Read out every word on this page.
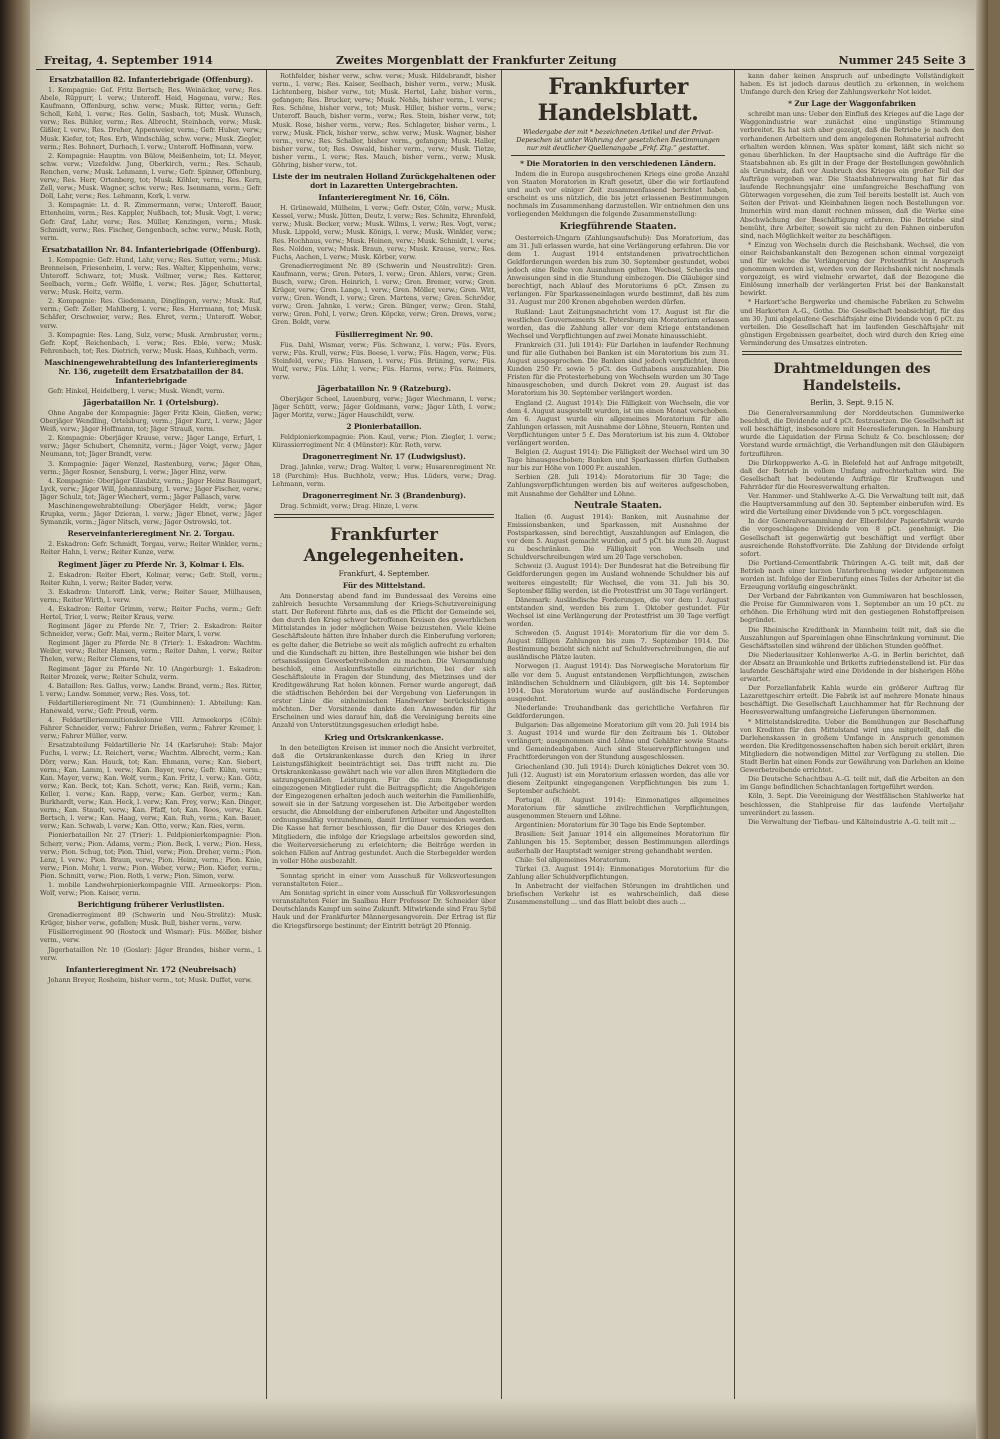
Freitag, 4. September 1914	Zweites Morgenblatt der Frankfurter Zeitung	Nummer 245 Seite 3
Ersatzbataillon 82. Infanteriebrigade (Offenburg).

1. Kompagnie: Gef. Fritz Bertsch; Res. Weinäcker, verw.; Res. Abele, Rüppurr, l. verw.; Unteroff. Heid, Hagenau, verw.; Res. Kaufmann, Offenburg, schw. verw.; Musk. Ritter, verm.; Gefr. Scholl, Kehl, l. verw.; Res. Gelin, Sasbach, tot; Musk. Wunsch, verw.; Res. Bühler, verm.; Res. Albrecht, Steinbach, verw.; Musk. Gißler, l. verw.; Res. Dreher, Appenweier, verm.; Gefr. Huber, verw.; Musk. Kiefer, tot; Res. Erb, Windschläg, schw. verw.; Musk. Ziegler, verm.; Res. Bohnert, Durbach, l. verw.; Unteroff. Hoffmann, verw.

2. Kompagnie: Hauptm. von Bülow, Meißenheim, tot; Lt. Meyer, schw. verw.; Vizefeldw. Jung, Oberkirch, verm.; Res. Schaub, Renchen, verw.; Musk. Lehmann, l. verw.; Gefr. Spinner, Offenburg, verw.; Res. Herr, Ortenberg, tot; Musk. Köhler, verm.; Res. Kern, Zell, verw.; Musk. Wagner, schw. verw.; Res. Isenmann, verm.; Gefr. Doll, Lahr, verw.; Res. Lehmann, Kork, l. verw.

3. Kompagnie: Lt. d. R. Zimmermann, verw.; Unteroff. Bauer, Ettenheim, verm.; Res. Kappler, Nußbach, tot; Musk. Vogt, l. verw.; Gefr. Graf, Lahr, verw.; Res. Müller, Kenzingen, verm.; Musk. Schmidt, verw.; Res. Fischer, Gengenbach, schw. verw.; Musk. Roth, verm.

Ersatzbataillon Nr. 84. Infanteriebrigade (Offenburg).

1. Kompagnie: Gefr. Hund, Lahr, verw.; Res. Sutter, verm.; Musk. Brenneisen, Friesenheim, l. verw.; Res. Walter, Kippenheim, verw.; Unteroff. Schwarz, tot; Musk. Vollmer, verw.; Res. Ketterer, Seelbach, verm.; Gefr. Wölfle, l. verw.; Res. Jäger, Schuttertal, verw.; Musk. Heitz, verm.

2. Kompagnie: Res. Giedemann, Dinglingen, verw.; Musk. Ruf, verm.; Gefr. Zeller, Mahlberg, l. verw.; Res. Herrmann, tot; Musk. Schäfer, Orschweier, verw.; Res. Ehret, verm.; Unteroff. Weber, verw.

3. Kompagnie: Res. Lang, Sulz, verw.; Musk. Armbruster, verm.; Gefr. Kopf, Reichenbach, l. verw.; Res. Eble, verw.; Musk. Fehrenbach, tot; Res. Dietrich, verw.; Musk. Haas, Kuhbach, verm.

Maschinengewehrabteilung des Infanterieregiments Nr. 136, zugeteilt dem Ersatzbataillon der 84. Infanteriebrigade

Gefr. Hinkel, Heidelberg, l. verw.; Musk. Wendt, verm.

Jägerbataillon Nr. 1 (Ortelsburg).

Ohne Angabe der Kompagnie: Jäger Fritz Klein, Gießen, verw.; Oberjäger Wendling, Ortelsburg, verm.; Jäger Kurz, l. verw.; Jäger Weiß, verw.; Jäger Hoffmann, tot; Jäger Strauß, verm.

2. Kompagnie: Oberjäger Krause, verw.; Jäger Lange, Erfurt, l. verw.; Jäger Schubert, Chemnitz, verm.; Jäger Voigt, verw.; Jäger Neumann, tot; Jäger Brandt, verw.

3. Kompagnie: Jäger Wenzel, Rastenburg, verw.; Jäger Ohm, verm.; Jäger Rosner, Sensburg, l. verw.; Jäger Hinz, verw.

4. Kompagnie: Oberjäger Glaubitz, verm.; Jäger Heinz Baumgart, Lyck, verw.; Jäger Will, Johannisburg, l. verw.; Jäger Fischer, verw.; Jäger Schulz, tot; Jäger Wiechert, verm.; Jäger Pallasch, verw.

Maschinengewehrabteilung: Oberjäger Heldt, verw.; Jäger Krupka, verm.; Jäger Dzieran, l. verw.; Jäger Ebnet, verw.; Jäger Symanzik, verm.; Jäger Nitsch, verw.; Jäger Ostrowski, tot.

Reserveinfanterieregiment Nr. 2. Torgau.

2. Eskadron: Gefr. Schmidt, Torgau, verw.; Reiter Winkler, verm.; Reiter Hahn, l. verw.; Reiter Kunze, verw.

Regiment Jäger zu Pferde Nr. 3, Kolmar i. Els.

2. Eskadron: Reiter Ebert, Kolmar, verw.; Gefr. Stoll, verm.; Reiter Kuhn, l. verw.; Reiter Bader, verw.

3. Eskadron: Unteroff. Link, verw.; Reiter Sauer, Mülhausen, verm.; Reiter Wirth, l. verw.

4. Eskadron: Reiter Grimm, verw.; Reiter Fuchs, verm.; Gefr. Hertel, Trier, l. verw.; Reiter Kraus, verw.

Regiment Jäger zu Pferde Nr. 7, Trier: 2. Eskadron: Reiter Schneider, verw.; Gefr. Mai, verm.; Reiter Marx, l. verw.

Regiment Jäger zu Pferde Nr. 8 (Trier): 1. Eskadron: Wachtm. Weiler, verw.; Reiter Hansen, verm.; Reiter Dahm, l. verw.; Reiter Thelen, verw.; Reiter Clemens, tot.

Regiment Jäger zu Pferde Nr. 10 (Angerburg): 1. Eskadron: Reiter Mrozek, verw.; Reiter Schulz, verm.

4. Bataillon: Res. Gallus, verw.; Landw. Brand, verm.; Res. Ritter, l. verw.; Landw. Sommer, verw.; Res. Voss, tot.

Feldartillerieregiment Nr. 71 (Gumbinnen): 1. Abteilung: Kan. Hanewald, verw.; Gefr. Preuß, verm.

4. Feldartilleriemunitionskolonne VIII. Armeekorps (Cöln): Fahrer Schneider, verw.; Fahrer Drießen, verm.; Fahrer Kremer, l. verw.; Fahrer Müller, verw.

Ersatzabteilung Feldartillerie Nr. 14 (Karlsruhe): Stab: Major Fuchs, l. verw.; Lt. Reichert, verw.; Wachtm. Albrecht, verm.; Kan. Dörr, verw.; Kan. Hauck, tot; Kan. Ehmann, verw.; Kan. Siebert, verm.; Kan. Lamm, l. verw.; Kan. Bayer, verw.; Gefr. Kühn, verm.; Kan. Mayer, verw.; Kan. Wolf, verm.; Kan. Fritz, l. verw.; Kan. Götz, verw.; Kan. Beck, tot; Kan. Schott, verw.; Kan. Reiß, verm.; Kan. Keller, l. verw.; Kan. Rapp, verw.; Kan. Gerber, verm.; Kan. Burkhardt, verw.; Kan. Heck, l. verw.; Kan. Frey, verw.; Kan. Dinger, verm.; Kan. Staudt, verw.; Kan. Pfaff, tot; Kan. Roos, verw.; Kan. Bertsch, l. verw.; Kan. Haag, verw.; Kan. Ruh, verm.; Kan. Bauer, verw.; Kan. Schwab, l. verw.; Kan. Otto, verw.; Kan. Ries, verm.

Pionierbataillon Nr. 27 (Trier): 1. Feldpionierkompagnie: Pion. Scherr, verw.; Pion. Adams, verm.; Pion. Beck, l. verw.; Pion. Hess, verw.; Pion. Schug, tot; Pion. Thiel, verw.; Pion. Dreher, verm.; Pion. Lenz, l. verw.; Pion. Braun, verw.; Pion. Heinz, verm.; Pion. Knie, verw.; Pion. Mohr, l. verw.; Pion. Weber, verw.; Pion. Kiefer, verm.; Pion. Schmitt, verw.; Pion. Roth, l. verw.; Pion. Simon, verw.

1. mobile Landwehrpionierkompagnie VIII. Armeekorps: Pion. Wolf, verw.; Pion. Kaiser, verm.

Berichtigung früherer Verlustlisten.

Grenadierregiment 89 (Schwerin und Neu-Strelitz): Musk. Krüger, bisher verw., gefallen; Musk. Bull, bisher verm., verw.

Füsilierregiment 90 (Rostock und Wismar): Füs. Möller, bisher verm., verw.

Jägerbataillon Nr. 10 (Goslar): Jäger Brandes, bisher verm., l. verw.

Infanterieregiment Nr. 172 (Neubreisach)

Johann Breyer, Rosheim, bisher verm., tot; Musk. Duffet, verw.

Rothfelder, bisher verw., schw. verw.; Musk. Hildebrandt, bisher verm., l. verw.; Res. Kaiser, Seelbach, bisher verm., verw.; Musk. Lichtenberg, bisher verw., tot; Musk. Hertel, Lahr, bisher verm., gefangen; Res. Brucker, verw.; Musk. Nehls, bisher verm., l. verw.; Res. Schöne, bisher verw., tot; Musk. Hiller, bisher verm., verw.; Unteroff. Bauch, bisher verm., verw.; Res. Stein, bisher verw., tot; Musk. Rose, bisher verm., verw.; Res. Schlageter, bisher verm., l. verw.; Musk. Flick, bisher verw., schw. verw.; Musk. Wagner, bisher verm., verw.; Res. Schaller, bisher verm., gefangen; Musk. Haller, bisher verw., tot; Res. Oswald, bisher verm., verw.; Musk. Tietze, bisher verm., l. verw.; Res. Mauch, bisher verm., verw.; Musk. Göhring, bisher verw., tot.

Liste der im neutralen Holland Zurückgehaltenen oder dort in Lazaretten Untergebrachten.
Infanterieregiment Nr. 16, Cöln.

H. Grünewald, Mülheim, l. verw.; Gefr. Oster, Cöln, verw.; Musk. Kessel, verw.; Musk. Jütten, Deutz, l. verw.; Res. Schmitz, Ehrenfeld, verw.; Musk. Becker, verw.; Musk. Wilms, l. verw.; Res. Vogt, verw.; Musk. Lippold, verw.; Musk. Königs, l. verw.; Musk. Winkler, verw.; Res. Hochhaus, verw.; Musk. Heinen, verw.; Musk. Schmidt, l. verw.; Res. Nolden, verw.; Musk. Braun, verw.; Musk. Krause, verw.; Res. Fuchs, Aachen, l. verw.; Musk. Körber, verw.

Grenadierregiment Nr. 89 (Schwerin und Neustrelitz): Gren. Kaufmann, verw.; Gren. Peters, l. verw.; Gren. Ahlers, verw.; Gren. Busch, verw.; Gren. Heinrich, l. verw.; Gren. Bremer, verw.; Gren. Krüger, verw.; Gren. Lange, l. verw.; Gren. Möller, verw.; Gren. Witt, verw.; Gren. Wendt, l. verw.; Gren. Martens, verw.; Gren. Schröder, verw.; Gren. Jahnke, l. verw.; Gren. Bünger, verw.; Gren. Stahl, verw.; Gren. Pohl, l. verw.; Gren. Köpcke, verw.; Gren. Drews, verw.; Gren. Boldt, verw.

Füsilierregiment Nr. 90.

Füs. Dahl, Wismar, verw.; Füs. Schwanz, l. verw.; Füs. Evers, verw.; Füs. Krull, verw.; Füs. Beese, l. verw.; Füs. Hagen, verw.; Füs. Steinfeld, verw.; Füs. Hansen, l. verw.; Füs. Brüning, verw.; Füs. Wulf, verw.; Füs. Löhr, l. verw.; Füs. Harms, verw.; Füs. Reimers, verw.

Jägerbataillon Nr. 9 (Ratzeburg).

Oberjäger Scheel, Lauenburg, verw.; Jäger Wiechmann, l. verw.; Jäger Schütt, verw.; Jäger Goldmann, verw.; Jäger Lüth, l. verw.; Jäger Moritz, verw.; Jäger Hauschildt, verw.

2 Pionierbataillon.

Feldpionierkompagnie: Pion. Kaul, verw.; Pion. Ziegler, l. verw.; Kürassierregiment Nr. 4 (Münster): Kür. Roth, verw.

Dragonerregiment Nr. 17 (Ludwigslust).

Drag. Jahnke, verw.; Drag. Walter, l. verw.; Husarenregiment Nr. 18 (Parchim): Hus. Buchholz, verw.; Hus. Lüders, verw.; Drag. Lehmann, verm.

Dragonerregiment Nr. 3 (Brandenburg).

Drag. Schmidt, verw.; Drag. Hinze, l. verw.

Frankfurter Angelegenheiten.
Frankfurt, 4. September.
Für des Mittelstand.

Am Donnerstag abend fand im Bundessaal des Vereins eine zahlreich besuchte Versammlung der Kriegs-Schutzvereinigung statt. Der Referent führte aus, daß es die Pflicht der Gemeinde sei, den durch den Krieg schwer betroffenen Kreisen des gewerblichen Mittelstandes in jeder möglichen Weise beizustehen. Viele kleine Geschäftsleute hätten ihre Inhaber durch die Einberufung verloren; es gelte daher, die Betriebe so weit als möglich aufrecht zu erhalten und die Kundschaft zu bitten, ihre Bestellungen wie bisher bei den ortsansässigen Gewerbetreibenden zu machen. Die Versammlung beschloß, eine Auskunftsstelle einzurichten, bei der sich Geschäftsleute in Fragen der Stundung, des Mietzinses und der Kreditgewährung Rat holen können. Ferner wurde angeregt, daß die städtischen Behörden bei der Vergebung von Lieferungen in erster Linie die einheimischen Handwerker berücksichtigen möchten. Der Vorsitzende dankte den Anwesenden für ihr Erscheinen und wies darauf hin, daß die Vereinigung bereits eine Anzahl von Unterstützungsgesuchen erledigt habe.

Krieg und Ortskrankenkasse.

In den beteiligten Kreisen ist immer noch die Ansicht verbreitet, daß die Ortskrankenkasse durch den Krieg in ihrer Leistungsfähigkeit beeinträchtigt sei. Das trifft nicht zu. Die Ortskrankenkasse gewährt nach wie vor allen ihren Mitgliedern die satzungsgemäßen Leistungen. Für die zum Kriegsdienste eingezogenen Mitglieder ruht die Beitragspflicht; die Angehörigen der Eingezogenen erhalten jedoch auch weiterhin die Familienhilfe, soweit sie in der Satzung vorgesehen ist. Die Arbeitgeber werden ersucht, die Abmeldung der einberufenen Arbeiter und Angestellten ordnungsmäßig vorzunehmen, damit Irrtümer vermieden werden. Die Kasse hat ferner beschlossen, für die Dauer des Krieges den Mitgliedern, die infolge der Kriegslage arbeitslos geworden sind, die Weiterversicherung zu erleichtern; die Beiträge werden in solchen Fällen auf Antrag gestundet. Auch die Sterbegelder werden in voller Höhe ausbezahlt.

Sonntag spricht in einer vom Ausschuß für Volksvorlesungen veranstalteten Feier...

Am Sonntag spricht in einer vom Ausschuß für Volksvorlesungen veranstalteten Feier im Saalbau Herr Professor Dr. Schneider über Deutschlands Kampf um seine Zukunft. Mitwirkende sind Frau Sybil Hauk und der Frankfurter Männergesangverein. Der Ertrag ist für die Kriegsfürsorge bestimmt; der Eintritt beträgt 20 Pfennig.

Frankfurter Handelsblatt.
Wiedergabe der mit * bezeichneten Artikel und der Privat-Depeschen ist unter Wahrung der gesetzlichen Bestimmungen nur mit deutlicher Quellenangabe „Frkf. Ztg.“ gestattet.
* Die Moratorien in den verschiedenen Ländern.

Indem die in Europa ausgebrochenen Kriegs eine große Anzahl von Staaten Moratorien in Kraft gesetzt, über die wir fortlaufend und auch vor einiger Zeit zusammenfassend berichtet haben, erscheint es uns nützlich, die bis jetzt erlassenen Bestimmungen nochmals im Zusammenhang darzustellen. Wir entnehmen den uns vorliegenden Meldungen die folgende Zusammenstellung:

Kriegführende Staaten.

Oesterreich-Ungarn (Zahlungsaufschub): Das Moratorium, das am 31. Juli erlassen wurde, hat eine Verlängerung erfahren. Die vor dem 1. August 1914 entstandenen privatrechtlichen Geldforderungen werden bis zum 30. September gestundet, wobei jedoch eine Reihe von Ausnahmen gelten. Wechsel, Schecks und Anweisungen sind in die Stundung einbezogen. Die Gläubiger sind berechtigt, nach Ablauf des Moratoriums 6 pCt. Zinsen zu verlangen. Für Sparkasseneinlagen wurde bestimmt, daß bis zum 31. August nur 200 Kronen abgehoben werden dürfen.

Rußland: Laut Zeitungsnachricht vom 17. August ist für die westlichen Gouvernements St. Petersburg ein Moratorium erlassen worden, das die Zahlung aller vor dem Kriege entstandenen Wechsel und Verpflichtungen auf zwei Monate hinausschiebt.

Frankreich (31. Juli 1914): Für Darlehen in laufender Rechnung und für alle Guthaben bei Banken ist ein Moratorium bis zum 31. August ausgesprochen. Die Banken sind jedoch verpflichtet, ihren Kunden 250 Fr. sowie 5 pCt. des Guthabens auszuzahlen. Die Fristen für die Protesterhebung von Wechseln wurden um 30 Tage hinausgeschoben, und durch Dekret vom 29. August ist das Moratorium bis 30. September verlängert worden.

England (2. August 1914): Die Fälligkeit von Wechseln, die vor dem 4. August ausgestellt wurden, ist um einen Monat verschoben. Am 6. August wurde ein allgemeines Moratorium für alle Zahlungen erlassen, mit Ausnahme der Löhne, Steuern, Renten und Verpflichtungen unter 5 £. Das Moratorium ist bis zum 4. Oktober verlängert worden.

Belgien (2. August 1914): Die Fälligkeit der Wechsel wird um 30 Tage hinausgeschoben; Banken und Sparkassen dürfen Guthaben nur bis zur Höhe von 1000 Fr. auszahlen.

Serbien (28. Juli 1914): Moratorium für 30 Tage; die Zahlungsverpflichtungen werden bis auf weiteres aufgeschoben, mit Ausnahme der Gehälter und Löhne.

Neutrale Staaten.

Italien (6. August 1914): Banken, mit Ausnahme der Emissionsbanken, und Sparkassen, mit Ausnahme der Postsparkassen, sind berechtigt, Auszahlungen auf Einlagen, die vor dem 5. August gemacht wurden, auf 5 pCt. bis zum 20. August zu beschränken. Die Fälligkeit von Wechseln und Schuldverschreibungen wird um 20 Tage verschoben.

Schweiz (3. August 1914): Der Bundesrat hat die Betreibung für Geldforderungen gegen im Ausland wohnende Schuldner bis auf weiteres eingestellt; für Wechsel, die vom 31. Juli bis 30. September fällig werden, ist die Protestfrist um 30 Tage verlängert.

Dänemark: Ausländische Forderungen, die vor dem 1. August entstanden sind, werden bis zum 1. Oktober gestundet. Für Wechsel ist eine Verlängerung der Protestfrist um 30 Tage verfügt worden.

Schweden (5. August 1914): Moratorium für die vor dem 5. August fälligen Zahlungen bis zum 7. September 1914. Die Bestimmung bezieht sich nicht auf Schuldverschreibungen, die auf ausländische Plätze lauten.

Norwegen (1. August 1914): Das Norwegische Moratorium für alle vor dem 5. August entstandenen Verpflichtungen, zwischen inländischen Schuldnern und Gläubigern, gilt bis 14. September 1914. Das Moratorium wurde auf ausländische Forderungen ausgedehnt.

Niederlande: Treuhandbank das gerichtliche Verfahren für Geldforderungen.

Bulgarien: Das allgemeine Moratorium gilt vom 20. Juli 1914 bis 3. August 1914 und wurde für den Zeitraum bis 1. Oktober verlängert; ausgenommen sind Löhne und Gehälter sowie Staats- und Gemeindeabgaben. Auch sind Steuerverpflichtungen und Frachtforderungen von der Stundung ausgeschlossen.

Griechenland (30. Juli 1914): Durch königliches Dekret vom 30. Juli (12. August) ist ein Moratorium erlassen worden, das alle vor diesem Zeitpunkt eingegangenen Verpflichtungen bis zum 1. September aufschiebt.

Portugal (8. August 1914): Einmonatiges allgemeines Moratorium für sämtliche zivilrechtlichen Verpflichtungen, ausgenommen Steuern und Löhne.

Argentinien: Moratorium für 30 Tage bis Ende September.

Brasilien: Seit Januar 1914 ein allgemeines Moratorium für Zahlungen bis 15. September, dessen Bestimmungen allerdings außerhalb der Hauptstadt weniger streng gehandhabt werden.

Chile: Sol allgemeines Moratorium.

Türkei (3. August 1914): Einmonatiges Moratorium für die Zahlung aller Schuldverpflichtungen.

In Anbetracht der vielfachen Störungen im drahtlichen und briefischen Verkehr ist es wahrscheinlich, daß diese Zusammenstellung ... und das Blatt belobt dies auch ...

kann daher keinen Anspruch auf unbedingte Vollständigkeit haben. Es ist jedoch daraus deutlich zu erkennen, in welchem Umfange durch den Krieg der Zahlungsverkehr Not leidet.

* Zur Lage der Waggonfabriken

schreibt man uns: Ueber den Einfluß des Krieges auf die Lage der Waggonindustrie war zunächst eine ungünstige Stimmung verbreitet. Es hat sich aber gezeigt, daß die Betriebe je nach den vorhandenen Arbeitern und dem angelegenen Rohmaterial aufrecht erhalten werden können. Was später kommt, läßt sich nicht so genau überblicken. In der Hauptsache sind die Aufträge für die Staatsbahnen ab. Es gilt in der Frage der Bestellungen gewöhnlich als Grundsatz, daß vor Ausbruch des Krieges ein großer Teil der Aufträge vergeben war. Die Staatsbahnverwaltung hat für das laufende Rechnungsjahr eine umfangreiche Beschaffung von Güterwagen vorgesehen, die zum Teil bereits bestellt ist. Auch von Seiten der Privat- und Kleinbahnen liegen noch Bestellungen vor. Immerhin wird man damit rechnen müssen, daß die Werke eine Abschwächung der Beschäftigung erfahren. Die Betriebe sind bemüht, ihre Arbeiter, soweit sie nicht zu den Fahnen einberufen sind, nach Möglichkeit weiter zu beschäftigen.

* Einzug von Wechseln durch die Reichsbank. Wechsel, die von einer Reichsbankanstalt den Bezogenen schon einmal vorgezeigt und für welche die Verlängerung der Protestfrist in Anspruch genommen worden ist, werden von der Reichsbank nicht nochmals vorgezeigt, es wird vielmehr erwartet, daß der Bezogene die Einlösung innerhalb der verlängerten Frist bei der Bankanstalt bewirkt.

* Harkort'sche Bergwerke und chemische Fabriken zu Schwelm und Harkorten A.-G., Gotha. Die Gesellschaft beabsichtigt, für das am 30. Juni abgelaufene Geschäftsjahr eine Dividende von 6 pCt. zu verteilen. Die Gesellschaft hat im laufenden Geschäftsjahr mit günstigen Ergebnissen gearbeitet, doch wird durch den Krieg eine Verminderung des Umsatzes eintreten.

Drahtmeldungen des Handelsteils.
Berlin, 3. Sept. 9.15 N.

Die Generalversammlung der Norddeutschen Gummiwerke beschloß, die Dividende auf 4 pCt. festzusetzen. Die Gesellschaft ist voll beschäftigt, insbesondere mit Heereslieferungen. In Hamburg wurde die Liquidation der Firma Schulz & Co. beschlossen; der Vorstand wurde ermächtigt, die Verhandlungen mit den Gläubigern fortzuführen.

Die Dürkoppwerke A.-G. in Bielefeld hat auf Anfrage mitgeteilt, daß der Betrieb in vollem Umfang aufrechterhalten wird. Die Gesellschaft hat bedeutende Aufträge für Kraftwagen und Fahrräder für die Heeresverwaltung erhalten.

Ver. Hammer- und Stahlwerke A.-G. Die Verwaltung teilt mit, daß die Hauptversammlung auf den 30. September einberufen wird. Es wird die Verteilung einer Dividende von 5 pCt. vorgeschlagen.

In der Generalversammlung der Elberfelder Papierfabrik wurde die vorgeschlagene Dividende von 8 pCt. genehmigt. Die Gesellschaft ist gegenwärtig gut beschäftigt und verfügt über ausreichende Rohstoffvorräte. Die Zahlung der Dividende erfolgt sofort.

Die Portland-Cementfabrik Thüringen A.-G. teilt mit, daß der Betrieb nach einer kurzen Unterbrechung wieder aufgenommen worden ist. Infolge der Einberufung eines Teiles der Arbeiter ist die Erzeugung vorläufig eingeschränkt.

Der Verband der Fabrikanten von Gummiwaren hat beschlossen, die Preise für Gummiwaren vom 1. September an um 10 pCt. zu erhöhen. Die Erhöhung wird mit den gestiegenen Rohstoffpreisen begründet.

Die Rheinische Kreditbank in Mannheim teilt mit, daß sie die Auszahlungen auf Spareinlagen ohne Einschränkung vornimmt. Die Geschäftsstellen sind während der üblichen Stunden geöffnet.

Die Niederlausitzer Kohlenwerke A.-G. in Berlin berichtet, daß der Absatz an Braunkohle und Briketts zufriedenstellend ist. Für das laufende Geschäftsjahr wird eine Dividende in der bisherigen Höhe erwartet.

Der Porzellanfabrik Kahla wurde ein größerer Auftrag für Lazarettgeschirr erteilt. Die Fabrik ist auf mehrere Monate hinaus beschäftigt. Die Gesellschaft Lauchhammer hat für Rechnung der Heeresverwaltung umfangreiche Lieferungen übernommen.

* Mittelstandskredite. Ueber die Bemühungen zur Beschaffung von Krediten für den Mittelstand wird uns mitgeteilt, daß die Darlehenskassen in großem Umfange in Anspruch genommen werden. Die Kreditgenossenschaften haben sich bereit erklärt, ihren Mitgliedern die notwendigen Mittel zur Verfügung zu stellen. Die Stadt Berlin hat einen Fonds zur Gewährung von Darlehen an kleine Gewerbetreibende errichtet.

Die Deutsche Schachtbau A.-G. teilt mit, daß die Arbeiten an den im Gange befindlichen Schachtanlagen fortgeführt werden.

Köln, 3. Sept. Die Vereinigung der Westfälischen Stahlwerke hat beschlossen, die Stahlpreise für das laufende Vierteljahr unverändert zu lassen.

Die Verwaltung der Tiefbau- und Kälteindustrie A.-G. teilt mit ...
